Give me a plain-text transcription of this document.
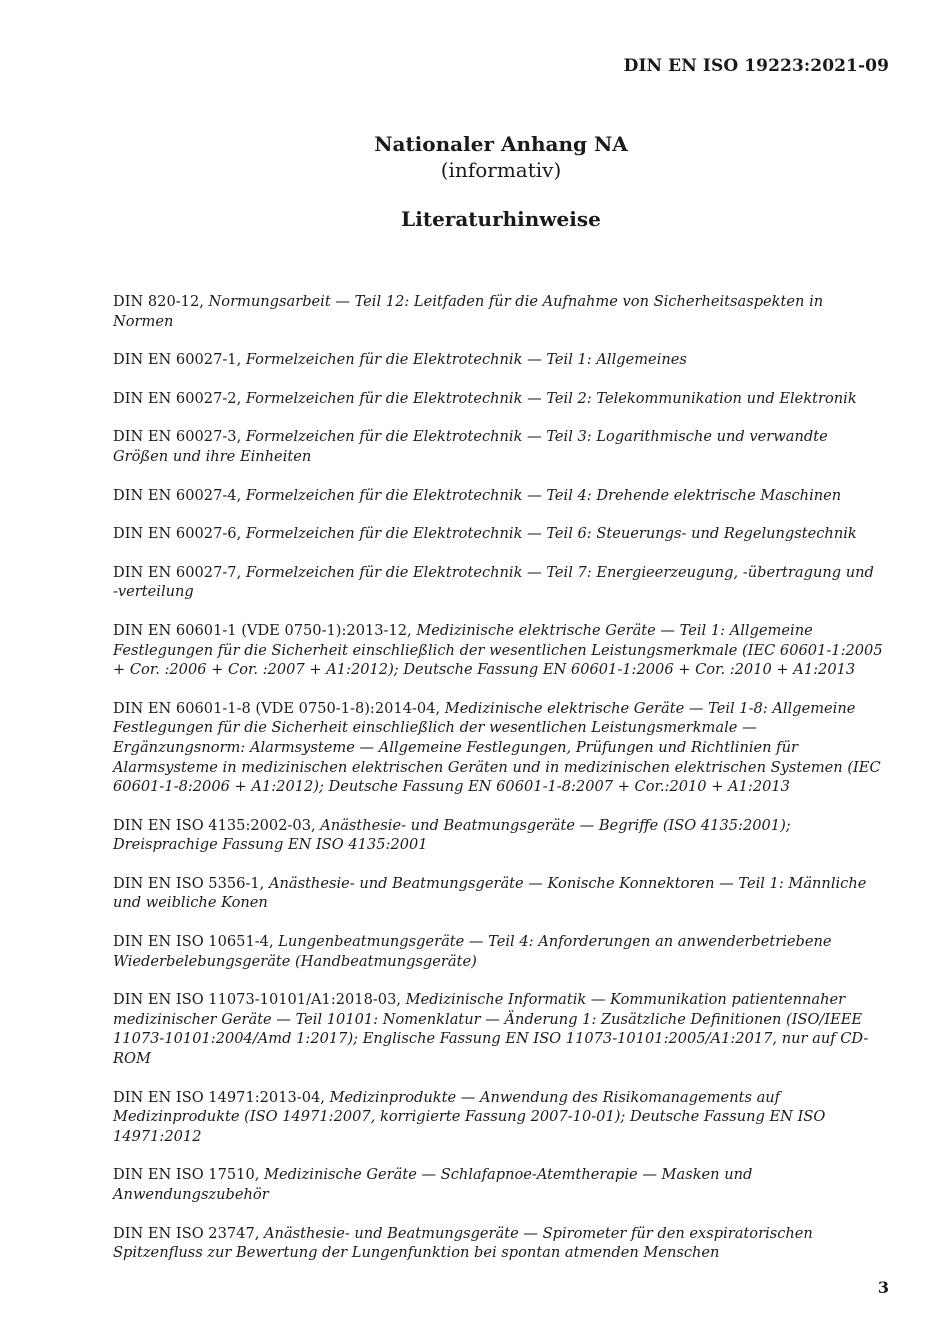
DIN EN ISO 19223:2021-09
Nationaler Anhang NA
(informativ)
Literaturhinweise

DIN 820-12, Normungsarbeit — Teil 12: Leitfaden für die Aufnahme von Sicherheitsaspekten in Normen

DIN EN 60027-1, Formelzeichen für die Elektrotechnik — Teil 1: Allgemeines

DIN EN 60027-2, Formelzeichen für die Elektrotechnik — Teil 2: Telekommunikation und Elektronik

DIN EN 60027-3, Formelzeichen für die Elektrotechnik — Teil 3: Logarithmische und verwandte Größen und ihre Einheiten

DIN EN 60027-4, Formelzeichen für die Elektrotechnik — Teil 4: Drehende elektrische Maschinen

DIN EN 60027-6, Formelzeichen für die Elektrotechnik — Teil 6: Steuerungs- und Regelungstechnik

DIN EN 60027-7, Formelzeichen für die Elektrotechnik — Teil 7: Energieerzeugung, -übertragung und -verteilung

DIN EN 60601-1 (VDE 0750-1):2013-12, Medizinische elektrische Geräte — Teil 1: Allgemeine Festlegungen für die Sicherheit einschließlich der wesentlichen Leistungsmerkmale (IEC 60601-1:2005 + Cor. :2006 + Cor. :2007 + A1:2012); Deutsche Fassung EN 60601-1:2006 + Cor. :2010 + A1:2013

DIN EN 60601-1-8 (VDE 0750-1-8):2014-04, Medizinische elektrische Geräte — Teil 1-8: Allgemeine Festlegungen für die Sicherheit einschließlich der wesentlichen Leistungsmerkmale — Ergänzungsnorm: Alarmsysteme — Allgemeine Festlegungen, Prüfungen und Richtlinien für Alarmsysteme in medizinischen elektrischen Geräten und in medizinischen elektrischen Systemen (IEC 60601-1-8:2006 + A1:2012); Deutsche Fassung EN 60601-1-8:2007 + Cor.:2010 + A1:2013

DIN EN ISO 4135:2002-03, Anästhesie- und Beatmungsgeräte — Begriffe (ISO 4135:2001); Dreisprachige Fassung EN ISO 4135:2001

DIN EN ISO 5356-1, Anästhesie- und Beatmungsgeräte — Konische Konnektoren — Teil 1: Männliche und weibliche Konen

DIN EN ISO 10651-4, Lungenbeatmungsgeräte — Teil 4: Anforderungen an anwenderbetriebene Wiederbelebungsgeräte (Handbeatmungsgeräte)

DIN EN ISO 11073-10101/A1:2018-03, Medizinische Informatik — Kommunikation patientennaher medizinischer Geräte — Teil 10101: Nomenklatur — Änderung 1: Zusätzliche Definitionen (ISO/IEEE 11073-10101:2004/Amd 1:2017); Englische Fassung EN ISO 11073-10101:2005/A1:2017, nur auf CD-ROM

DIN EN ISO 14971:2013-04, Medizinprodukte — Anwendung des Risikomanagements auf Medizinprodukte (ISO 14971:2007, korrigierte Fassung 2007-10-01); Deutsche Fassung EN ISO 14971:2012

DIN EN ISO 17510, Medizinische Geräte — Schlafapnoe-Atemtherapie — Masken und Anwendungszubehör

DIN EN ISO 23747, Anästhesie- und Beatmungsgeräte — Spirometer für den exspiratorischen Spitzenfluss zur Bewertung der Lungenfunktion bei spontan atmenden Menschen

3
